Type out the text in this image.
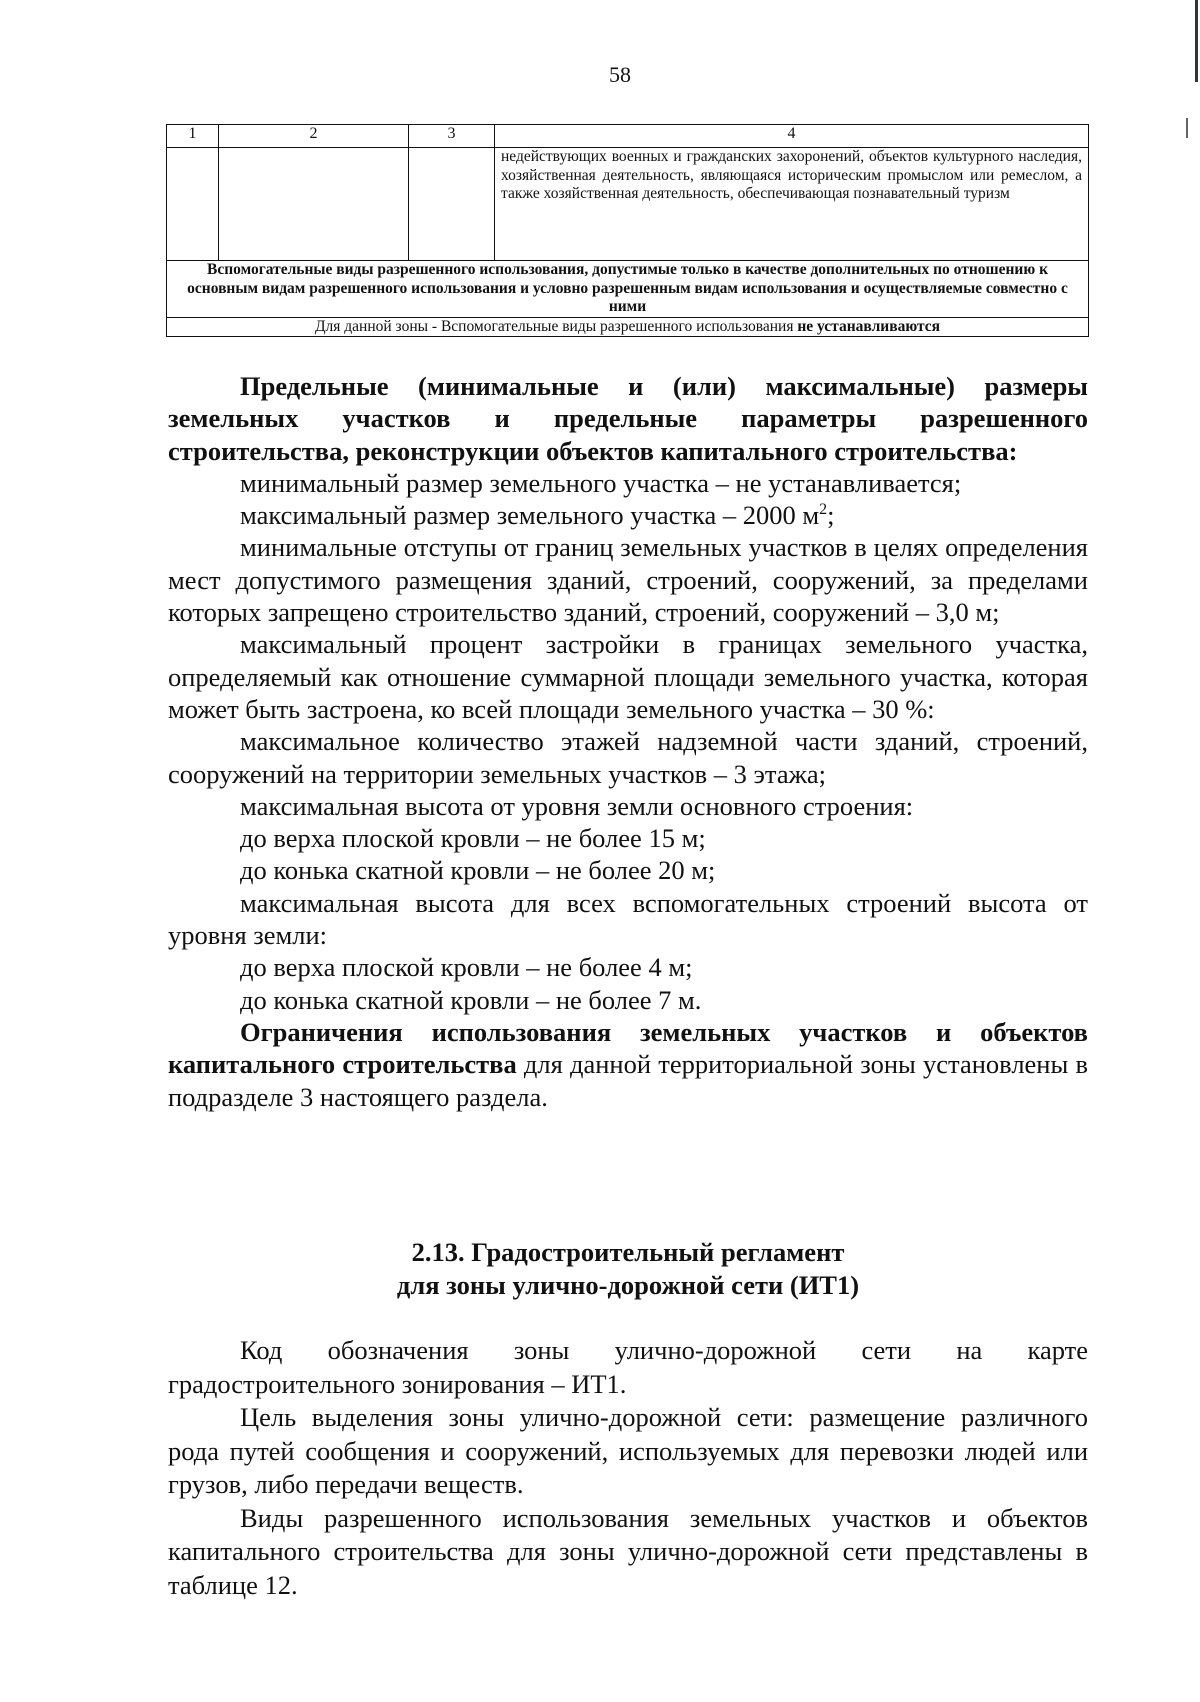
58
1	2	3	4
			недействующих военных и гражданских захоронений, объектов культурного наследия, хозяйственная деятельность, являющаяся историческим промыслом или ремеслом, а также хозяйственная деятельность, обеспечивающая познавательный туризм
Вспомогательные виды разрешенного использования, допустимые только в качестве дополнительных по отношению к основным видам разрешенного использования и условно разрешенным видам использования и осуществляемые совместно с ними			
Для данной зоны - Вспомогательные виды разрешенного использования не устанавливаются			

Предельные (минимальные и (или) максимальные) размеры земельных участков и предельные параметры разрешенного строительства, реконструкции объектов капитального строительства:

минимальный размер земельного участка – не устанавливается;

максимальный размер земельного участка – 2000 $м^2$;

минимальные отступы от границ земельных участков в целях определения мест допустимого размещения зданий, строений, сооружений, за пределами которых запрещено строительство зданий, строений, сооружений – 3,0 м;

максимальный процент застройки в границах земельного участка, определяемый как отношение суммарной площади земельного участка, которая может быть застроена, ко всей площади земельного участка – 30 %:

максимальное количество этажей надземной части зданий, строений, сооружений на территории земельных участков – 3 этажа;

максимальная высота от уровня земли основного строения:

до верха плоской кровли – не более 15 м;

до конька скатной кровли – не более 20 м;

максимальная высота для всех вспомогательных строений высота от уровня земли:

до верха плоской кровли – не более 4 м;

до конька скатной кровли – не более 7 м.

Ограничения использования земельных участков и объектов капитального строительства для данной территориальной зоны установлены в подразделе 3 настоящего раздела.

2.13. Градостроительный регламент
для зоны улично-дорожной сети (ИТ1)

Код обозначения зоны улично-дорожной сети на карте градостроительного зонирования – ИТ1.

Цель выделения зоны улично-дорожной сети: размещение различного рода путей сообщения и сооружений, используемых для перевозки людей или грузов, либо передачи веществ.

Виды разрешенного использования земельных участков и объектов капитального строительства для зоны улично-дорожной сети представлены в таблице 12.
